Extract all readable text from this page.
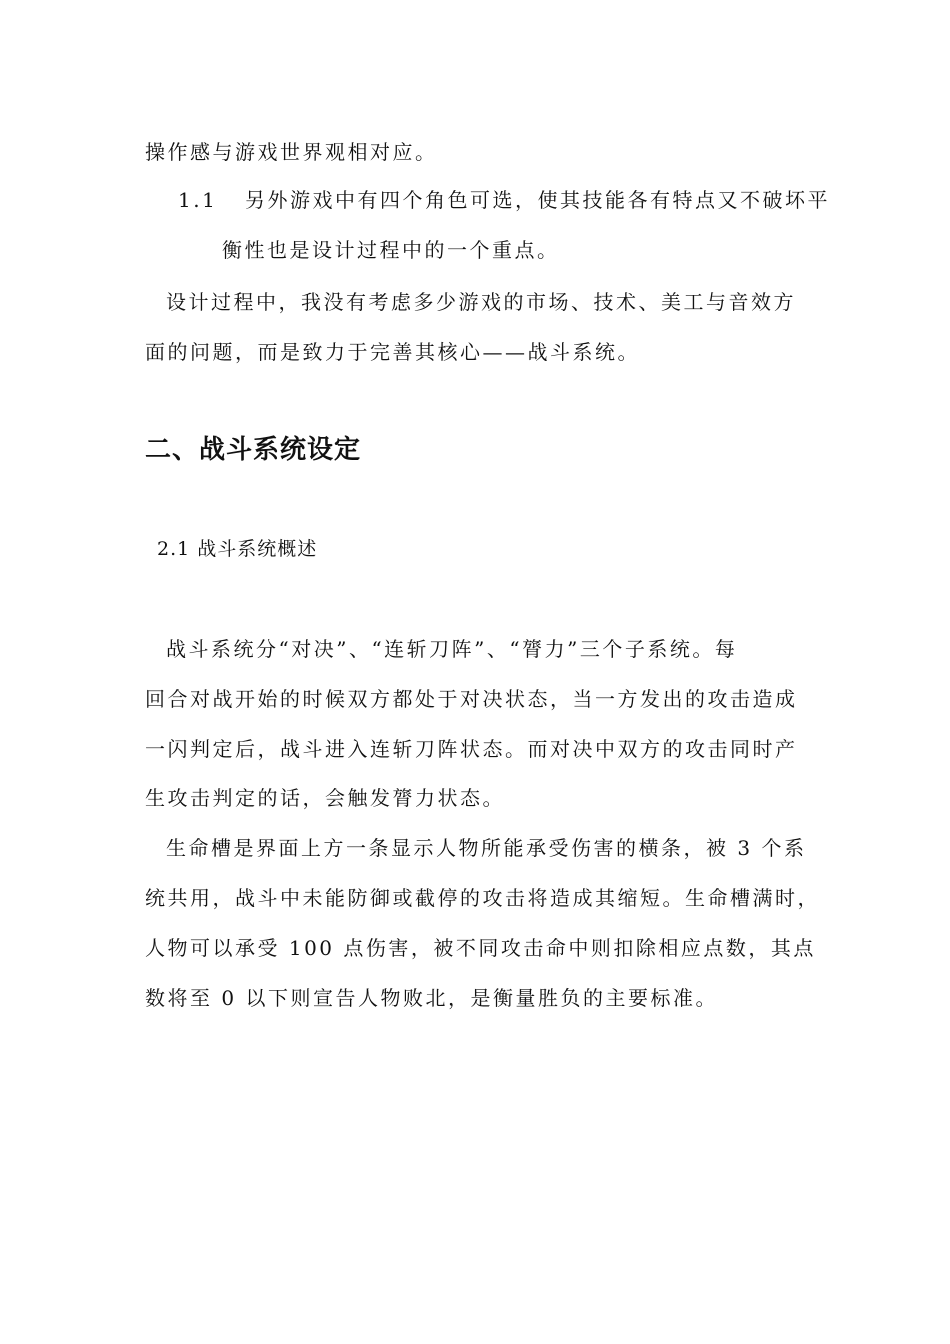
操作感与游戏世界观相对应。
1.1 另外游戏中有四个角色可选，使其技能各有特点又不破坏平
衡性也是设计过程中的一个重点。
设计过程中，我没有考虑多少游戏的市场、技术、美工与音效方
面的问题，而是致力于完善其核心——战斗系统。
二、战斗系统设定
2.1 战斗系统概述
战斗系统分“对决”、“连斩刀阵”、“膂力”三个子系统。每
回合对战开始的时候双方都处于对决状态，当一方发出的攻击造成
一闪判定后，战斗进入连斩刀阵状态。而对决中双方的攻击同时产
生攻击判定的话，会触发膂力状态。
生命槽是界面上方一条显示人物所能承受伤害的横条，被 3 个系
统共用，战斗中未能防御或截停的攻击将造成其缩短。生命槽满时，
人物可以承受 100 点伤害，被不同攻击命中则扣除相应点数，其点
数将至 0 以下则宣告人物败北，是衡量胜负的主要标准。
